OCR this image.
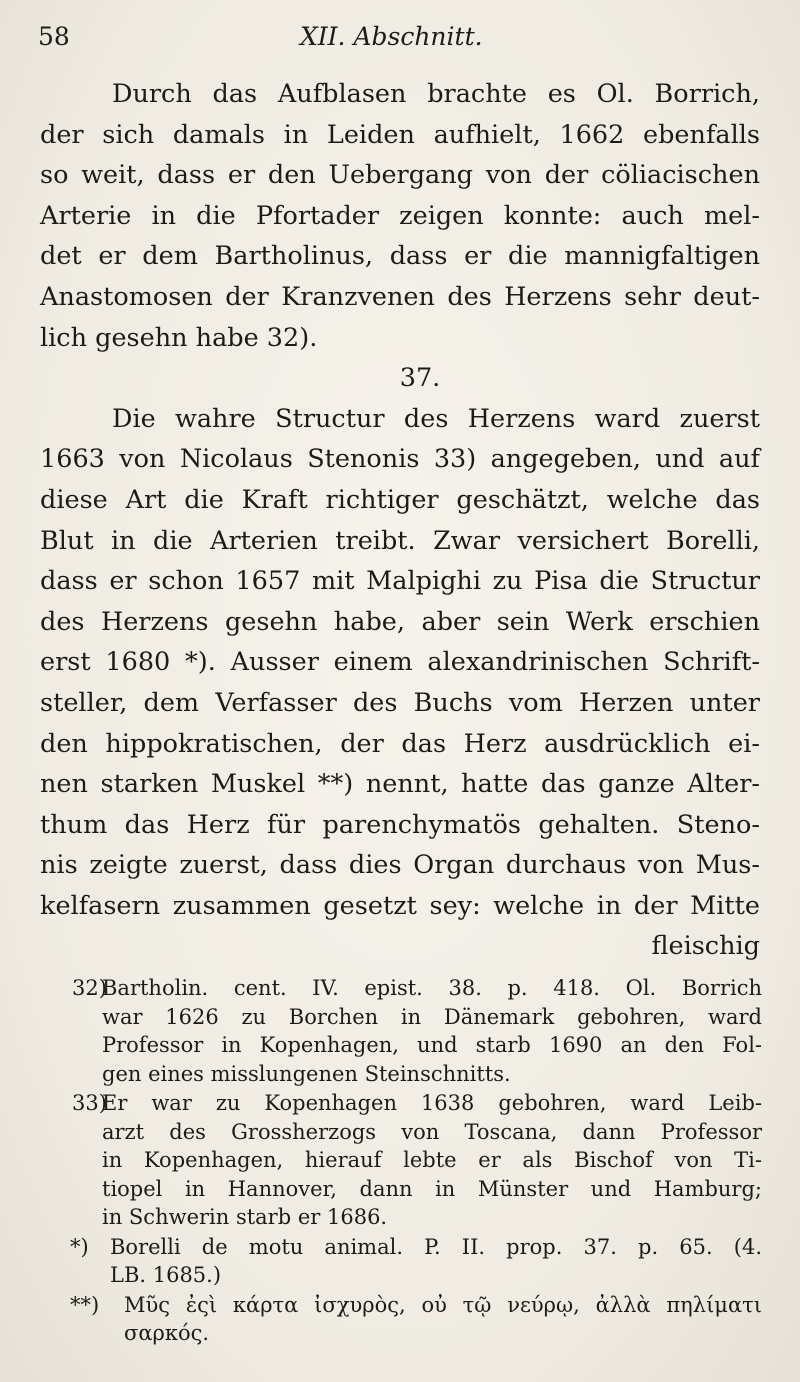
58	XII. Abschnitt.
Durch das Aufblasen brachte es Ol. Borrich,
der sich damals in Leiden aufhielt, 1662 ebenfalls
so weit, dass er den Uebergang von der cöliacischen
Arterie in die Pfortader zeigen konnte: auch mel-
det er dem Bartholinus, dass er die mannigfaltigen
Anastomosen der Kranzvenen des Herzens sehr deut-
lich gesehn habe 32).
37.
Die wahre Structur des Herzens ward zuerst
1663 von Nicolaus Stenonis 33) angegeben, und auf
diese Art die Kraft richtiger geschätzt, welche das
Blut in die Arterien treibt. Zwar versichert Borelli,
dass er schon 1657 mit Malpighi zu Pisa die Structur
des Herzens gesehn habe, aber sein Werk erschien
erst 1680 *). Ausser einem alexandrinischen Schrift-
steller, dem Verfasser des Buchs vom Herzen unter
den hippokratischen, der das Herz ausdrücklich ei-
nen starken Muskel **) nennt, hatte das ganze Alter-
thum das Herz für parenchymatös gehalten. Steno-
nis zeigte zuerst, dass dies Organ durchaus von Mus-
kelfasern zusammen gesetzt sey: welche in der Mitte
fleischig
32)
Bartholin. cent. IV. epist. 38. p. 418. Ol. Borrich
war 1626 zu Borchen in Dänemark gebohren, ward
Professor in Kopenhagen, und starb 1690 an den Fol-
gen eines misslungenen Steinschnitts.
33)
Er war zu Kopenhagen 1638 gebohren, ward Leib-
arzt des Grossherzogs von Toscana, dann Professor
in Kopenhagen, hierauf lebte er als Bischof von Ti-
tiopel in Hannover, dann in Münster und Hamburg;
in Schwerin starb er 1686.
*) Borelli de motu animal. P. II. prop. 37. p. 65. (4.
LB. 1685.)
**) Μῦς ἐςὶ κάρτα ἰσχυρὸς, οὐ τῷ νεύρῳ, ἀλλὰ πηλίματι
σαρκός.
